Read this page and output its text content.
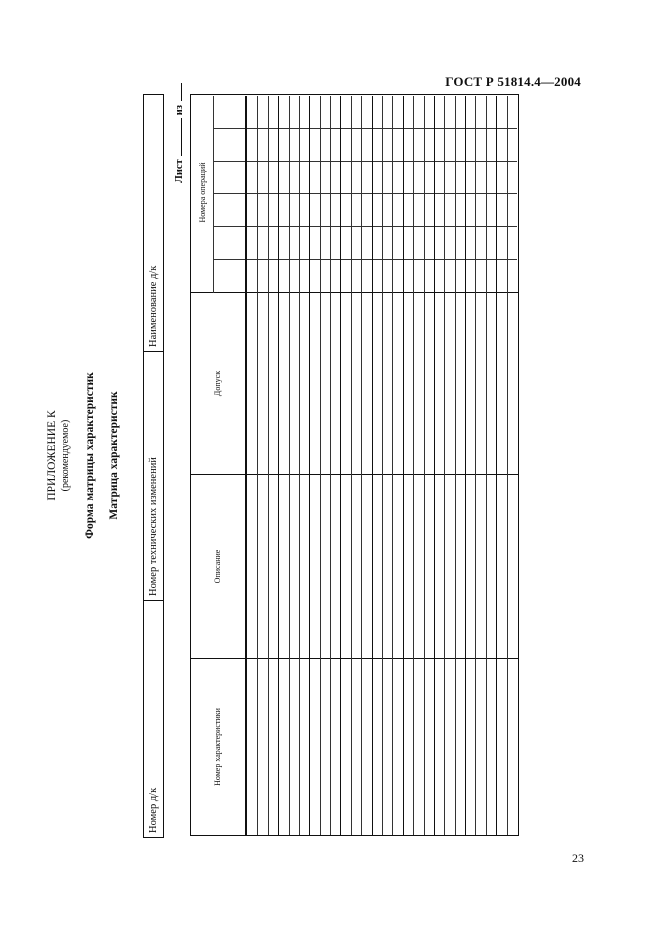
ГОСТ Р 51814.4—2004
ПРИЛОЖЕНИЕ К (рекомендуемое) Форма матрицы характеристик Матрица характеристик
Номер д/к
Номер технических изменений
Наименование д/к
Листиз
Номер характеристики
Описание
Допуск
Номера операций
23
